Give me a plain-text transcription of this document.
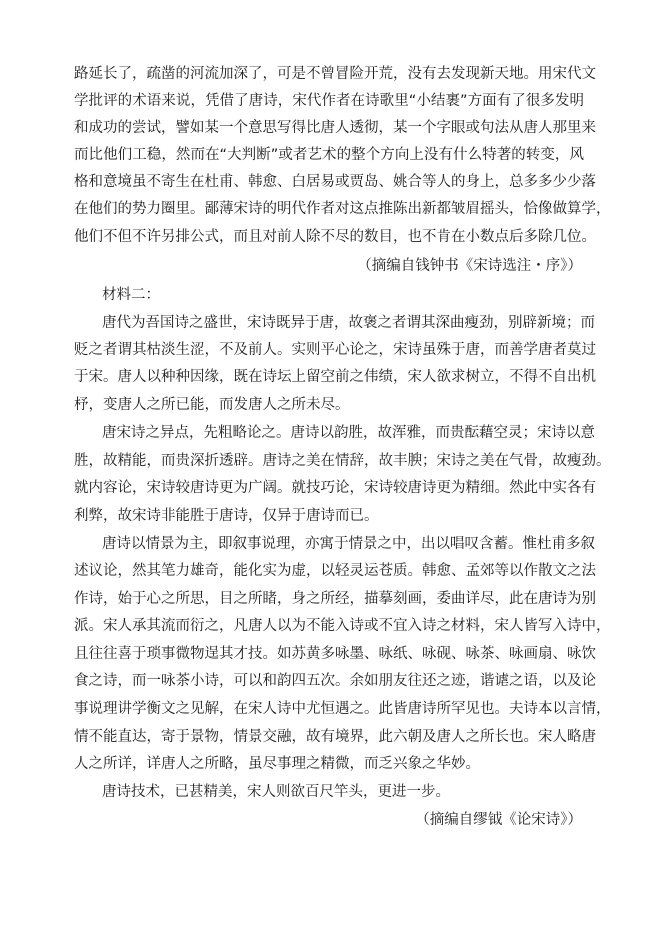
路延长了，疏凿的河流加深了，可是不曾冒险开荒，没有去发现新天地。用宋代文
学批评的术语来说，凭借了唐诗，宋代作者在诗歌里“小结裹”方面有了很多发明
和成功的尝试，譬如某一个意思写得比唐人透彻，某一个字眼或句法从唐人那里来
而比他们工稳，然而在“大判断”或者艺术的整个方向上没有什么特著的转变，风
格和意境虽不寄生在杜甫、韩愈、白居易或贾岛、姚合等人的身上，总多多少少落
在他们的势力圈里。鄙薄宋诗的明代作者对这点推陈出新都皱眉摇头，恰像做算学，
他们不但不许另排公式，而且对前人除不尽的数目，也不肯在小数点后多除几位。
（摘编自钱钟书《宋诗选注・序》）
材料二：
唐代为吾国诗之盛世，宋诗既异于唐，故褒之者谓其深曲瘦劲，别辟新境；而
贬之者谓其枯淡生涩，不及前人。实则平心论之，宋诗虽殊于唐，而善学唐者莫过
于宋。唐人以种种因缘，既在诗坛上留空前之伟绩，宋人欲求树立，不得不自出机
杼，变唐人之所已能，而发唐人之所未尽。
唐宋诗之异点，先粗略论之。唐诗以韵胜，故浑雅，而贵酝藉空灵；宋诗以意
胜，故精能，而贵深折透辟。唐诗之美在情辞，故丰腴；宋诗之美在气骨，故瘦劲。
就内容论，宋诗较唐诗更为广阔。就技巧论，宋诗较唐诗更为精细。然此中实各有
利弊，故宋诗非能胜于唐诗，仅异于唐诗而已。
唐诗以情景为主，即叙事说理，亦寓于情景之中，出以唱叹含蓄。惟杜甫多叙
述议论，然其笔力雄奇，能化实为虚，以轻灵运苍质。韩愈、孟郊等以作散文之法
作诗，始于心之所思，目之所睹，身之所经，描摹刻画，委曲详尽，此在唐诗为别
派。宋人承其流而衍之，凡唐人以为不能入诗或不宜入诗之材料，宋人皆写入诗中，
且往往喜于琐事微物逞其才技。如苏黄多咏墨、咏纸、咏砚、咏茶、咏画扇、咏饮
食之诗，而一咏茶小诗，可以和韵四五次。余如朋友往还之迹，谐谑之语，以及论
事说理讲学衡文之见解，在宋人诗中尤恒遇之。此皆唐诗所罕见也。夫诗本以言情，
情不能直达，寄于景物，情景交融，故有境界，此六朝及唐人之所长也。宋人略唐
人之所详，详唐人之所略，虽尽事理之精微，而乏兴象之华妙。
唐诗技术，已甚精美，宋人则欲百尺竿头，更进一步。
（摘编自缪钺《论宋诗》）
